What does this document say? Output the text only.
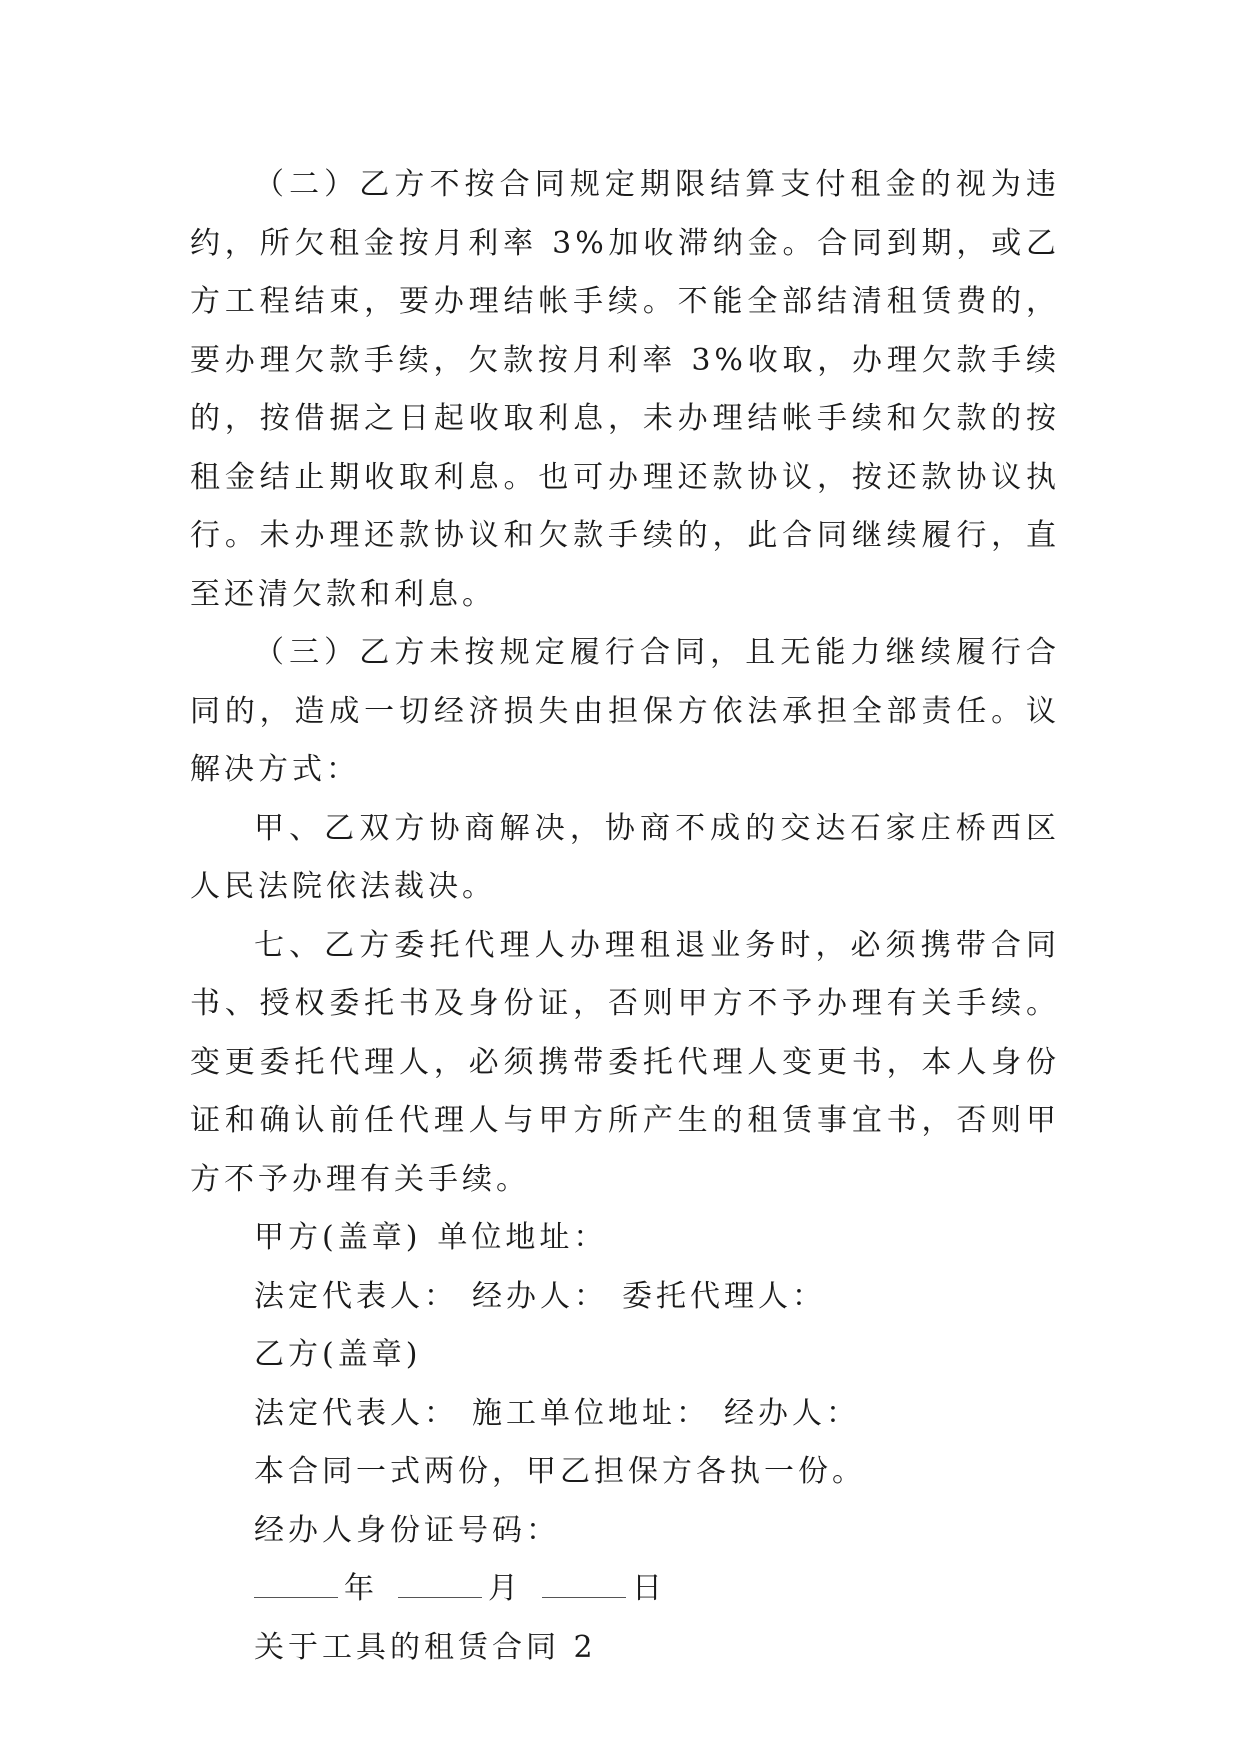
（二）乙方不按合同规定期限结算支付租金的视为违约，所欠租金按月利率 3%加收滞纳金。合同到期，或乙方工程结束，要办理结帐手续。不能全部结清租赁费的，要办理欠款手续，欠款按月利率 3%收取，办理欠款手续的，按借据之日起收取利息，未办理结帐手续和欠款的按租金结止期收取利息。也可办理还款协议，按还款协议执行。未办理还款协议和欠款手续的，此合同继续履行，直至还清欠款和利息。

（三）乙方未按规定履行合同，且无能力继续履行合同的，造成一切经济损失由担保方依法承担全部责任。议解决方式：

甲、乙双方协商解决，协商不成的交达石家庄桥西区人民法院依法裁决。

七、乙方委托代理人办理租退业务时，必须携带合同书、授权委托书及身份证，否则甲方不予办理有关手续。变更委托代理人，必须携带委托代理人变更书，本人身份证和确认前任代理人与甲方所产生的租赁事宜书，否则甲方不予办理有关手续。

甲方(盖章) 单位地址：

法定代表人： 经办人： 委托代理人：

乙方(盖章)

法定代表人： 施工单位地址： 经办人：

本合同一式两份，甲乙担保方各执一份。

经办人身份证号码：

年	月	日

关于工具的租赁合同 2
